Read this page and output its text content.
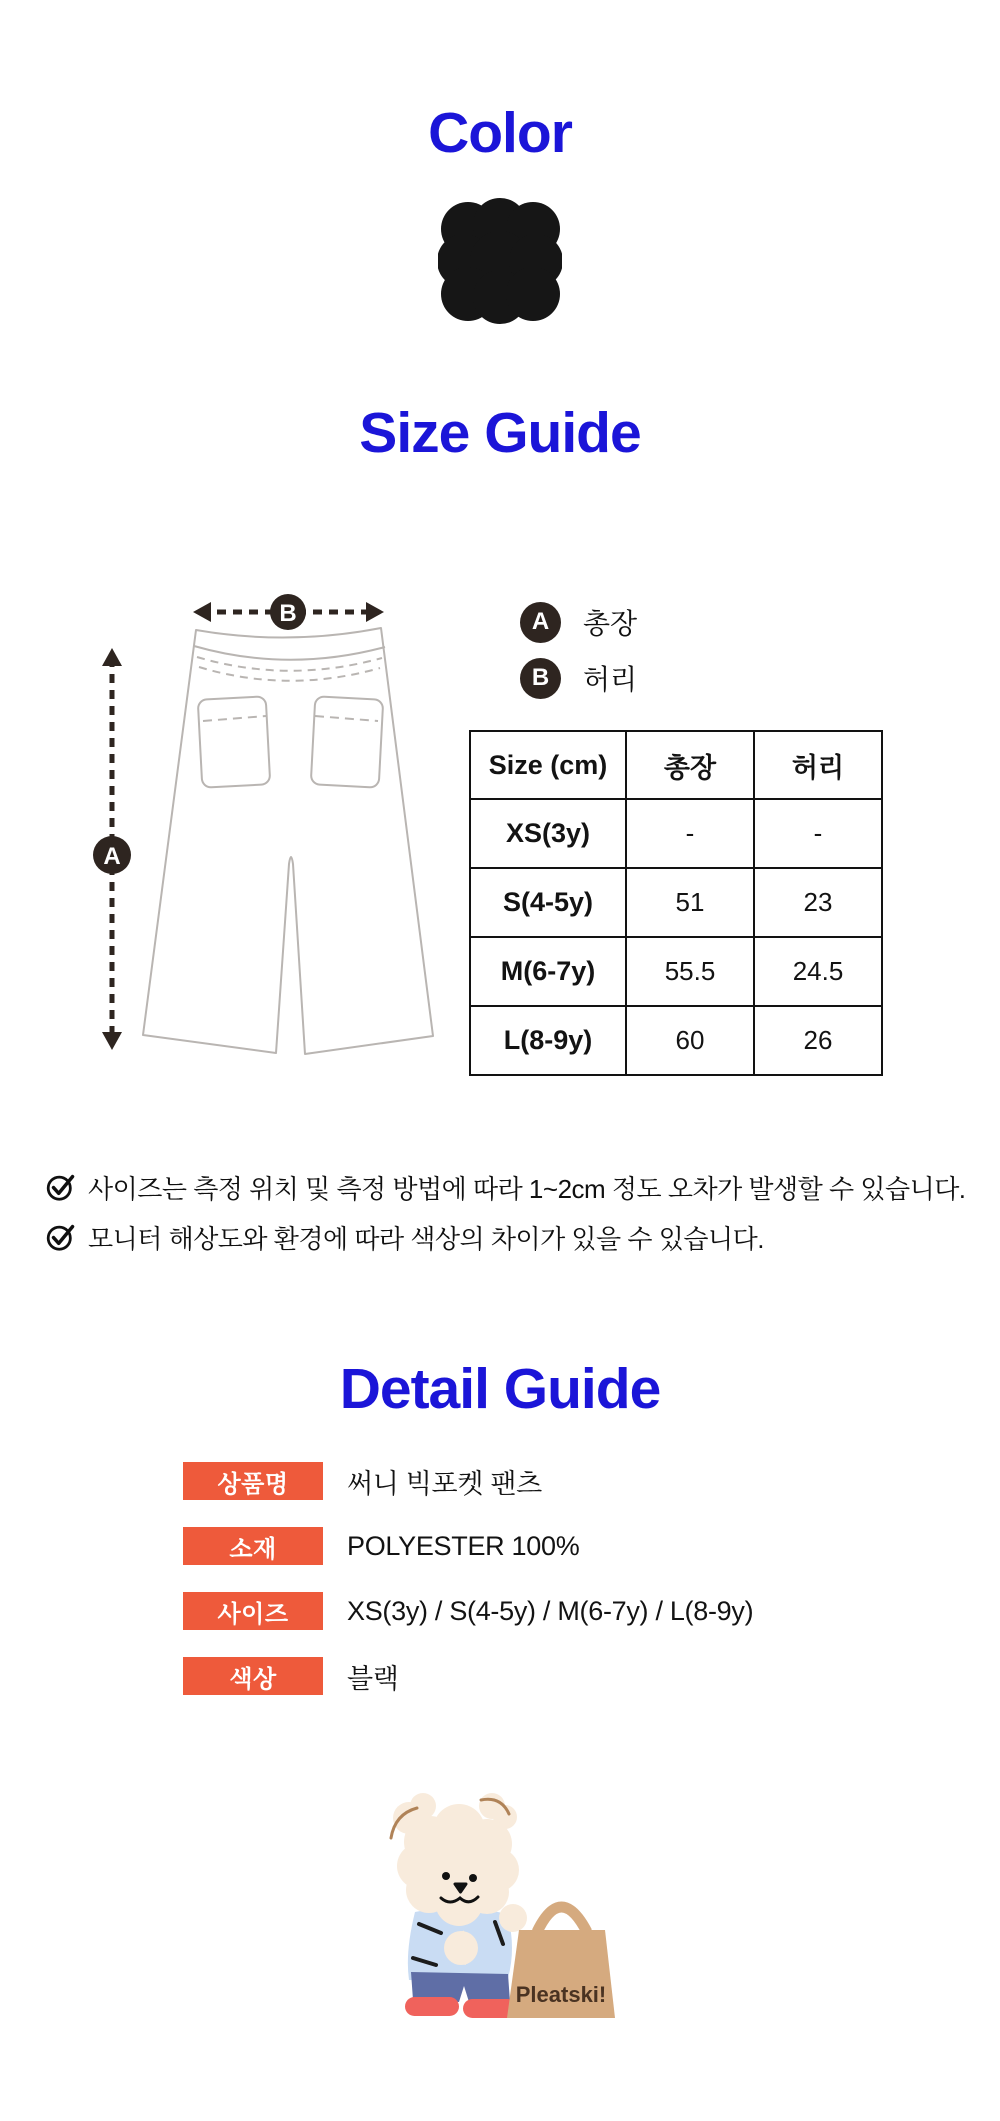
Color
Size Guide
B
A
A	총장
B	허리
Size (cm)	총장	허리
XS(3y)	-	-
S(4-5y)	51	23
M(6-7y)	55.5	24.5
L(8-9y)	60	26
사이즈는 측정 위치 및 측정 방법에 따라 1~2cm 정도 오차가 발생할 수 있습니다.
모니터 해상도와 환경에 따라 색상의 차이가 있을 수 있습니다.
Detail Guide
상품명	써니 빅포켓 팬츠
소재	POLYESTER 100%
사이즈	XS(3y) / S(4-5y) / M(6-7y) / L(8-9y)
색상	블랙
Pleatski!
